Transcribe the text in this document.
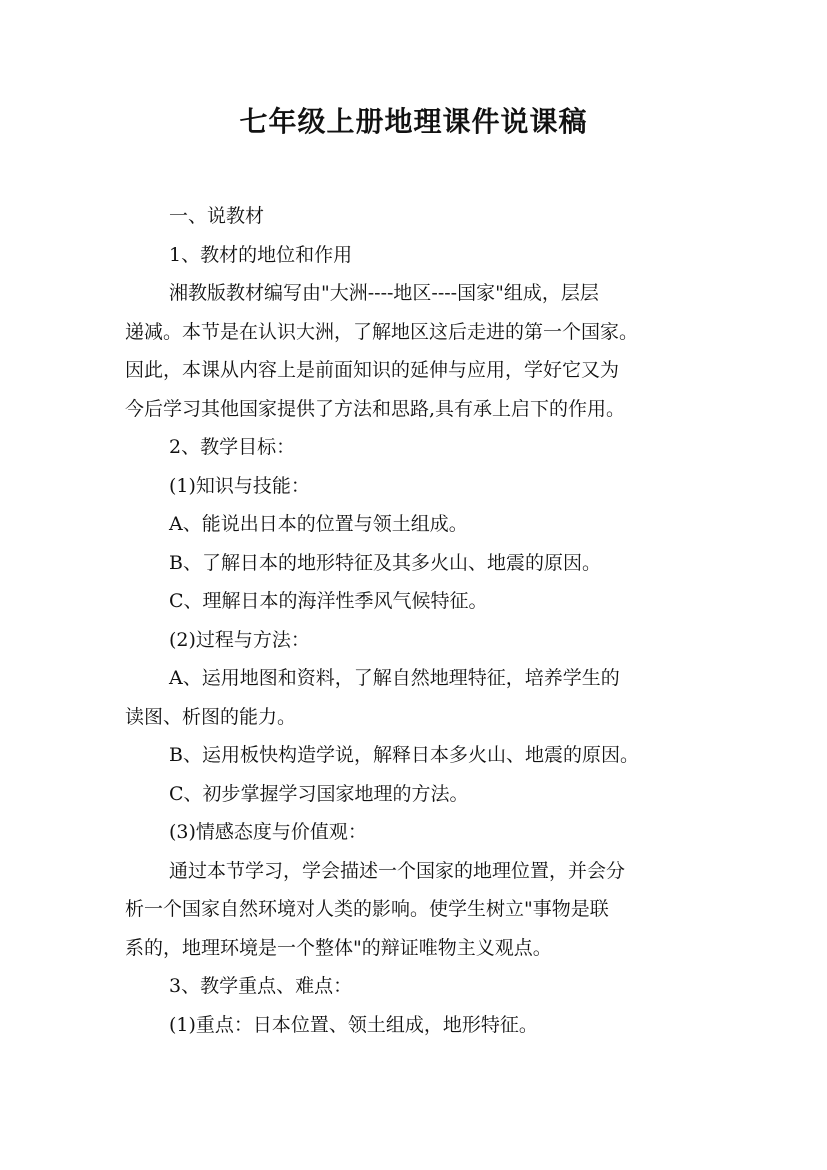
七年级上册地理课件说课稿

一、说教材

1、教材的地位和作用

湘教版教材编写由"大洲----地区----国家"组成，层层

递减。本节是在认识大洲，了解地区这后走进的第一个国家。

因此，本课从内容上是前面知识的延伸与应用，学好它又为

今后学习其他国家提供了方法和思路,具有承上启下的作用。

2、教学目标：

(1)知识与技能：

A、能说出日本的位置与领土组成。

B、了解日本的地形特征及其多火山、地震的原因。

C、理解日本的海洋性季风气候特征。

(2)过程与方法：

A、运用地图和资料，了解自然地理特征，培养学生的

读图、析图的能力。

B、运用板快构造学说，解释日本多火山、地震的原因。

C、初步掌握学习国家地理的方法。

(3)情感态度与价值观：

通过本节学习，学会描述一个国家的地理位置，并会分

析一个国家自然环境对人类的影响。使学生树立"事物是联

系的，地理环境是一个整体"的辩证唯物主义观点。

3、教学重点、难点：

(1)重点：日本位置、领土组成，地形特征。
